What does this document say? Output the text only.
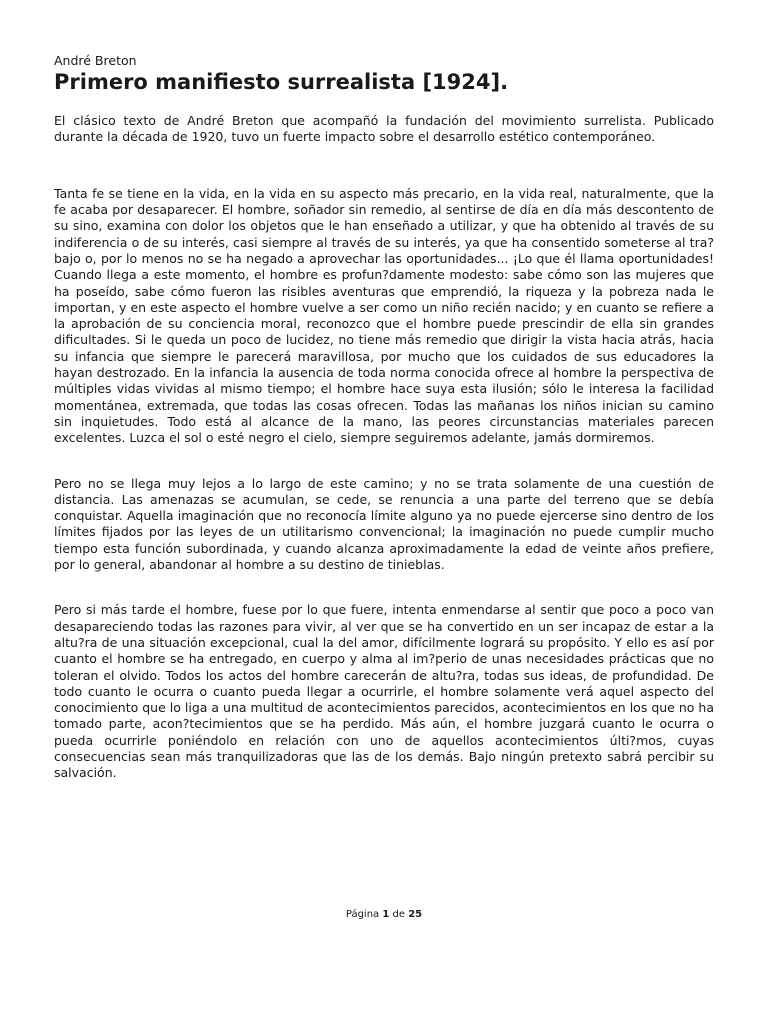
André Breton

Primero manifiesto surrealista [1924].

El clásico texto de André Breton que acompañó la fundación del movimiento surrelista. Publicado durante la década de 1920, tuvo un fuerte impacto sobre el desarrollo estético contemporáneo.

Tanta fe se tiene en la vida, en la vida en su aspecto más precario, en la vida real, naturalmente, que la fe acaba por desaparecer. El hombre, soñador sin remedio, al sentirse de día en día más descontento de su sino, examina con dolor los objetos que le han enseñado a utilizar, y que ha obtenido al través de su indiferencia o de su interés, casi siempre al través de su interés, ya que ha consentido someterse al tra?bajo o, por lo menos no se ha negado a aprovechar las oportunidades... ¡Lo que él llama oportunidades! Cuando llega a este momento, el hombre es profun?damente modesto: sabe cómo son las mujeres que ha poseído, sabe cómo fueron las risibles aventuras que emprendió, la riqueza y la pobreza nada le importan, y en este aspecto el hombre vuelve a ser como un niño recién nacido; y en cuanto se refiere a la aprobación de su conciencia moral, reconozco que el hombre puede prescindir de ella sin grandes dificultades. Si le queda un poco de lucidez, no tiene más remedio que dirigir la vista hacia atrás, hacia su infancia que siempre le parecerá maravillosa, por mucho que los cuidados de sus educadores la hayan destrozado. En la infancia la ausencia de toda norma conocida ofrece al hombre la perspectiva de múltiples vidas vividas al mismo tiempo; el hombre hace suya esta ilusión; sólo le interesa la facilidad momentánea, extremada, que todas las cosas ofrecen. Todas las mañanas los niños inician su camino sin inquietudes. Todo está al alcance de la mano, las peores circunstancias materiales parecen excelentes. Luzca el sol o esté negro el cielo, siempre seguiremos adelante, jamás dormiremos.

Pero no se llega muy lejos a lo largo de este camino; y no se trata solamente de una cuestión de distancia. Las amenazas se acumulan, se cede, se renuncia a una parte del terreno que se debía conquistar. Aquella imaginación que no reconocía límite alguno ya no puede ejercerse sino dentro de los límites fijados por las leyes de un utilitarismo convencional; la imaginación no puede cumplir mucho tiempo esta función subordinada, y cuando alcanza aproximadamente la edad de veinte años prefiere, por lo general, abandonar al hombre a su destino de tinieblas.

Pero si más tarde el hombre, fuese por lo que fuere, intenta enmendarse al sentir que poco a poco van desapareciendo todas las razones para vivir, al ver que se ha convertido en un ser incapaz de estar a la altu?ra de una situación excepcional, cual la del amor, difícilmente logrará su propósito. Y ello es así por cuanto el hombre se ha entregado, en cuerpo y alma al im?perio de unas necesidades prácticas que no toleran el olvido. Todos los actos del hombre carecerán de altu?ra, todas sus ideas, de profundidad. De todo cuanto le ocurra o cuanto pueda llegar a ocurrirle, el hombre solamente verá aquel aspecto del conocimiento que lo liga a una multitud de acontecimientos parecidos, acontecimientos en los que no ha tomado parte, acon?tecimientos que se ha perdido. Más aún, el hombre juzgará cuanto le ocurra o pueda ocurrirle poniéndolo en relación con uno de aquellos acontecimientos últi?mos, cuyas consecuencias sean más tranquilizadoras que las de los demás. Bajo ningún pretexto sabrá percibir su salvación.

Página 1 de 25
